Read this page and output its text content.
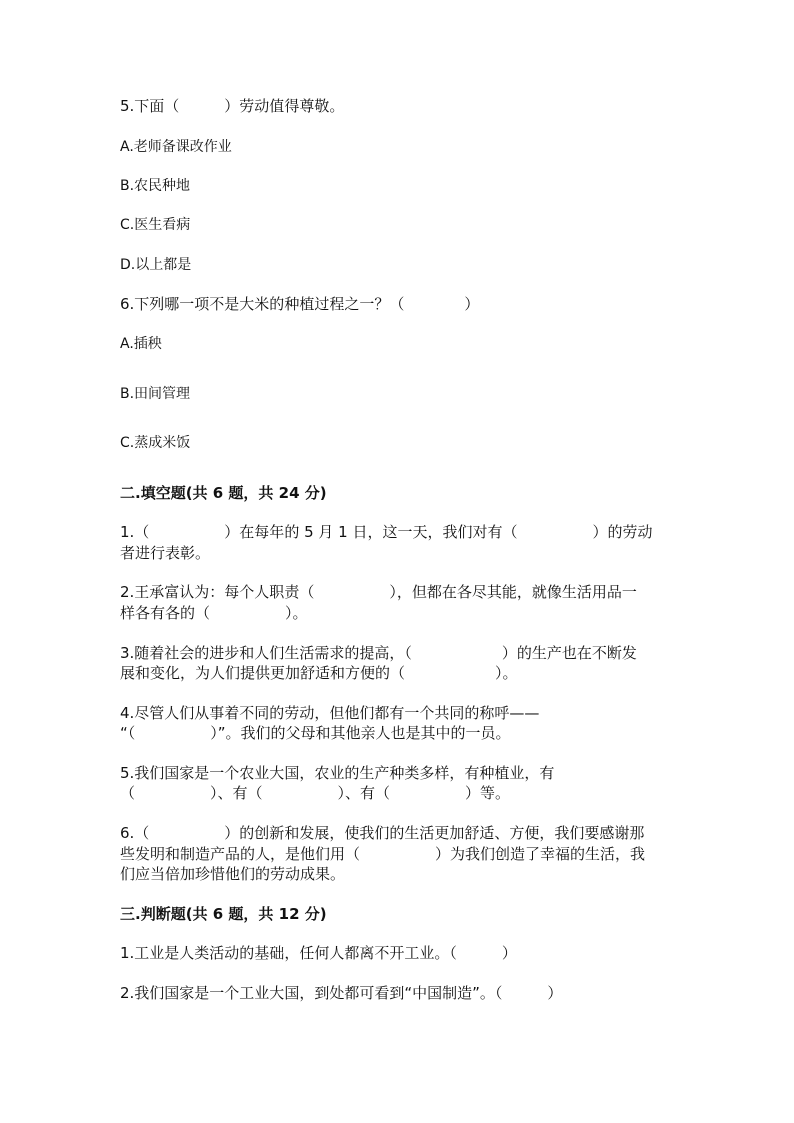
5.下面（　　　）劳动值得尊敬。
A.老师备课改作业
B.农民种地
C.医生看病
D.以上都是
6.下列哪一项不是大米的种植过程之一？（　　　　）
A.插秧
B.田间管理
C.蒸成米饭
二.填空题(共 6 题，共 24 分)
1.（　　　　　）在每年的 5 月 1 日，这一天，我们对有（　　　　　）的劳动
者进行表彰。
2.王承富认为：每个人职责（　　　　　），但都在各尽其能，就像生活用品一
样各有各的（　　　　　）。
3.随着社会的进步和人们生活需求的提高，（　　　　　　）的生产也在不断发
展和变化，为人们提供更加舒适和方便的（　　　　　　）。
4.尽管人们从事着不同的劳动，但他们都有一个共同的称呼——
“（　　　　　）”。我们的父母和其他亲人也是其中的一员。
5.我们国家是一个农业大国，农业的生产种类多样，有种植业，有
（　　　　　）、有（　　　　　）、有（　　　　　）等。
6.（　　　　　）的创新和发展，使我们的生活更加舒适、方便，我们要感谢那
些发明和制造产品的人，是他们用（　　　　　）为我们创造了幸福的生活，我
们应当倍加珍惜他们的劳动成果。
三.判断题(共 6 题，共 12 分)
1.工业是人类活动的基础，任何人都离不开工业。（　　　）
2.我们国家是一个工业大国，到处都可看到“中国制造”。（　　　）
